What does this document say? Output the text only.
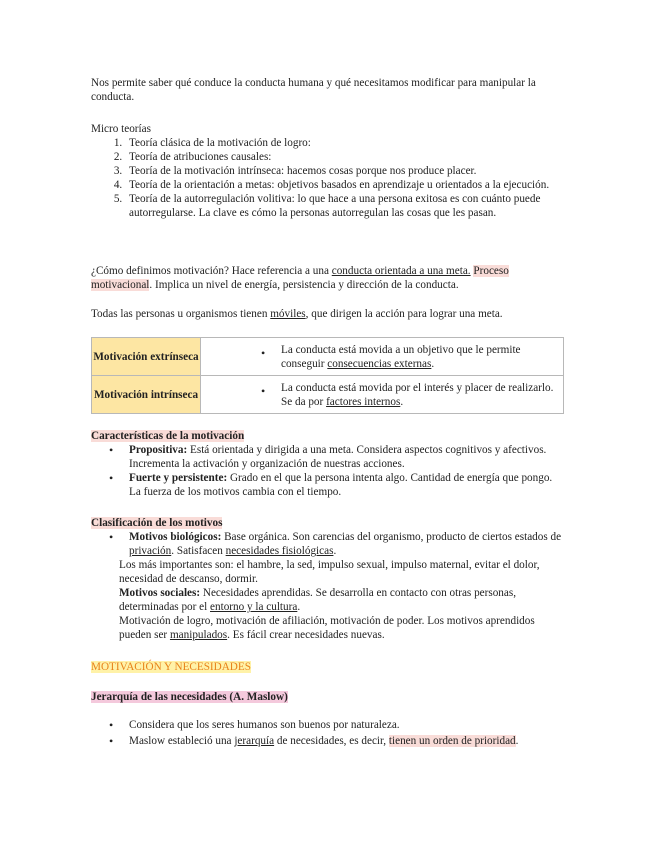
Nos permite saber qué conduce la conducta humana y qué necesitamos modificar para manipular la conducta.

Micro teorías

1. Teoría clásica de la motivación de logro:
2. Teoría de atribuciones causales:
3. Teoría de la motivación intrínseca: hacemos cosas porque nos produce placer.
4. Teoría de la orientación a metas: objetivos basados en aprendizaje u orientados a la ejecución.
5. Teoría de la autorregulación volitiva: lo que hace a una persona exitosa es con cuánto puede autorregularse. La clave es cómo la personas autorregulan las cosas que les pasan.

¿Cómo definimos motivación? Hace referencia a una conducta orientada a una meta. Proceso motivacional. Implica un nivel de energía, persistencia y dirección de la conducta.

Todas las personas u organismos tienen móviles, que dirigen la acción para lograr una meta.

Motivación extrínseca	• La conducta está movida a un objetivo que le permite conseguir consecuencias externas.
Motivación intrínseca	• La conducta está movida por el interés y placer de realizarlo. Se da por factores internos.

Características de la motivación

• Propositiva: Está orientada y dirigida a una meta. Considera aspectos cognitivos y afectivos. Incrementa la activación y organización de nuestras acciones.
• Fuerte y persistente: Grado en el que la persona intenta algo. Cantidad de energía que pongo. La fuerza de los motivos cambia con el tiempo.

Clasificación de los motivos

• Motivos biológicos: Base orgánica. Son carencias del organismo, producto de ciertos estados de privación. Satisfacen necesidades fisiológicas.

Los más importantes son: el hambre, la sed, impulso sexual, impulso maternal, evitar el dolor, necesidad de descanso, dormir.

Motivos sociales: Necesidades aprendidas. Se desarrolla en contacto con otras personas, determinadas por el entorno y la cultura.

Motivación de logro, motivación de afiliación, motivación de poder. Los motivos aprendidos pueden ser manipulados. Es fácil crear necesidades nuevas.

MOTIVACIÓN Y NECESIDADES

Jerarquía de las necesidades (A. Maslow)

• Considera que los seres humanos son buenos por naturaleza.
• Maslow estableció una jerarquía de necesidades, es decir, tienen un orden de prioridad.
